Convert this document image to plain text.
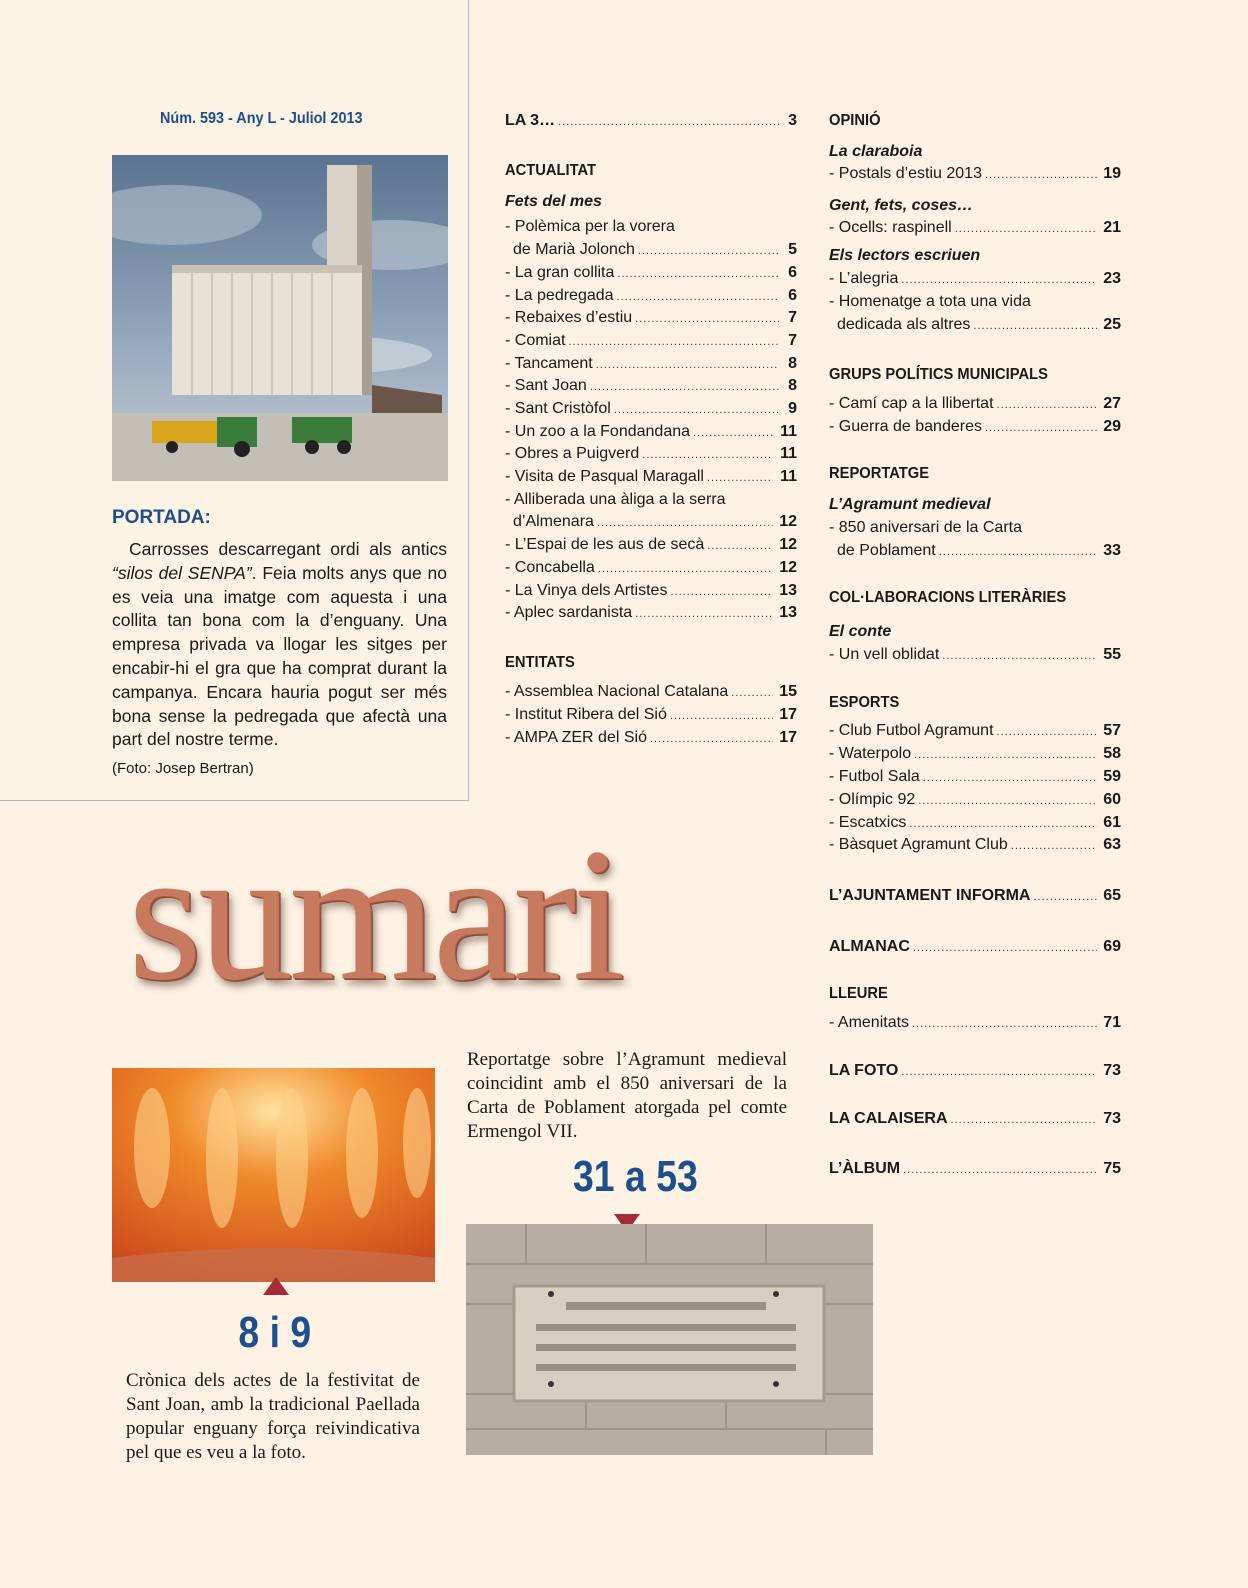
Núm. 593 - Any L - Juliol 2013
PORTADA:
Carrosses descarregant ordi als antics “silos del SENPA”. Feia molts anys que no es veia una imatge com aquesta i una collita tan bona com la d’enguany. Una empresa privada va llogar les sitges per encabir-hi el gra que ha comprat durant la campanya. Encara hauria pogut ser més bona sense la pedregada que afectà una part del nostre terme.
(Foto: Josep Bertran)
LA 3… .....	3
ACTUALITAT
Fets del mes
- Polèmica per la vorera
de Marià Jolonch .....	5
- La gran collita .....	6
- La pedregada .....	6
- Rebaixes d’estiu .....	7
- Comiat .....	7
- Tancament .....	8
- Sant Joan .....	8
- Sant Cristòfol .....	9
- Un zoo a la Fondandana .....	11
- Obres a Puigverd .....	11
- Visita de Pasqual Maragall .....	11
- Alliberada una àliga a la serra
d’Almenara .....	12
- L’Espai de les aus de secà .....	12
- Concabella .....	12
- La Vinya dels Artistes .....	13
- Aplec sardanista .....	13
ENTITATS
- Assemblea Nacional Catalana .....	15
- Institut Ribera del Sió .....	17
- AMPA ZER del Sió .....	17
OPINIÓ
La claraboia
- Postals d’estiu 2013 .....	19
Gent, fets, coses…
- Ocells: raspinell .....	21
Els lectors escriuen
- L’alegria .....	23
- Homenatge a tota una vida
dedicada als altres .....	25
GRUPS POLÍTICS MUNICIPALS
- Camí cap a la llibertat .....	27
- Guerra de banderes .....	29
REPORTATGE
L’Agramunt medieval
- 850 aniversari de la Carta
de Poblament .....	33
COL·LABORACIONS LITERÀRIES
El conte
- Un vell oblidat .....	55
ESPORTS
- Club Futbol Agramunt .....	57
- Waterpolo .....	58
- Futbol Sala .....	59
- Olímpic 92 .....	60
- Escatxics .....	61
- Bàsquet Agramunt Club .....	63
L’AJUNTAMENT INFORMA .....	65
ALMANAC .....	69
LLEURE
- Amenitats .....	71
LA FOTO .....	73
LA CALAISERA .....	73
L’ÀLBUM .....	75
sumari
8 i 9
Crònica dels actes de la festivitat de Sant Joan, amb la tradicional Paellada popular enguany força reivindicativa pel que es veu a la foto.
Reportatge sobre l’Agramunt medieval coincidint amb el 850 aniversari de la Carta de Poblament atorgada pel comte Ermengol VII.
31 a 53
